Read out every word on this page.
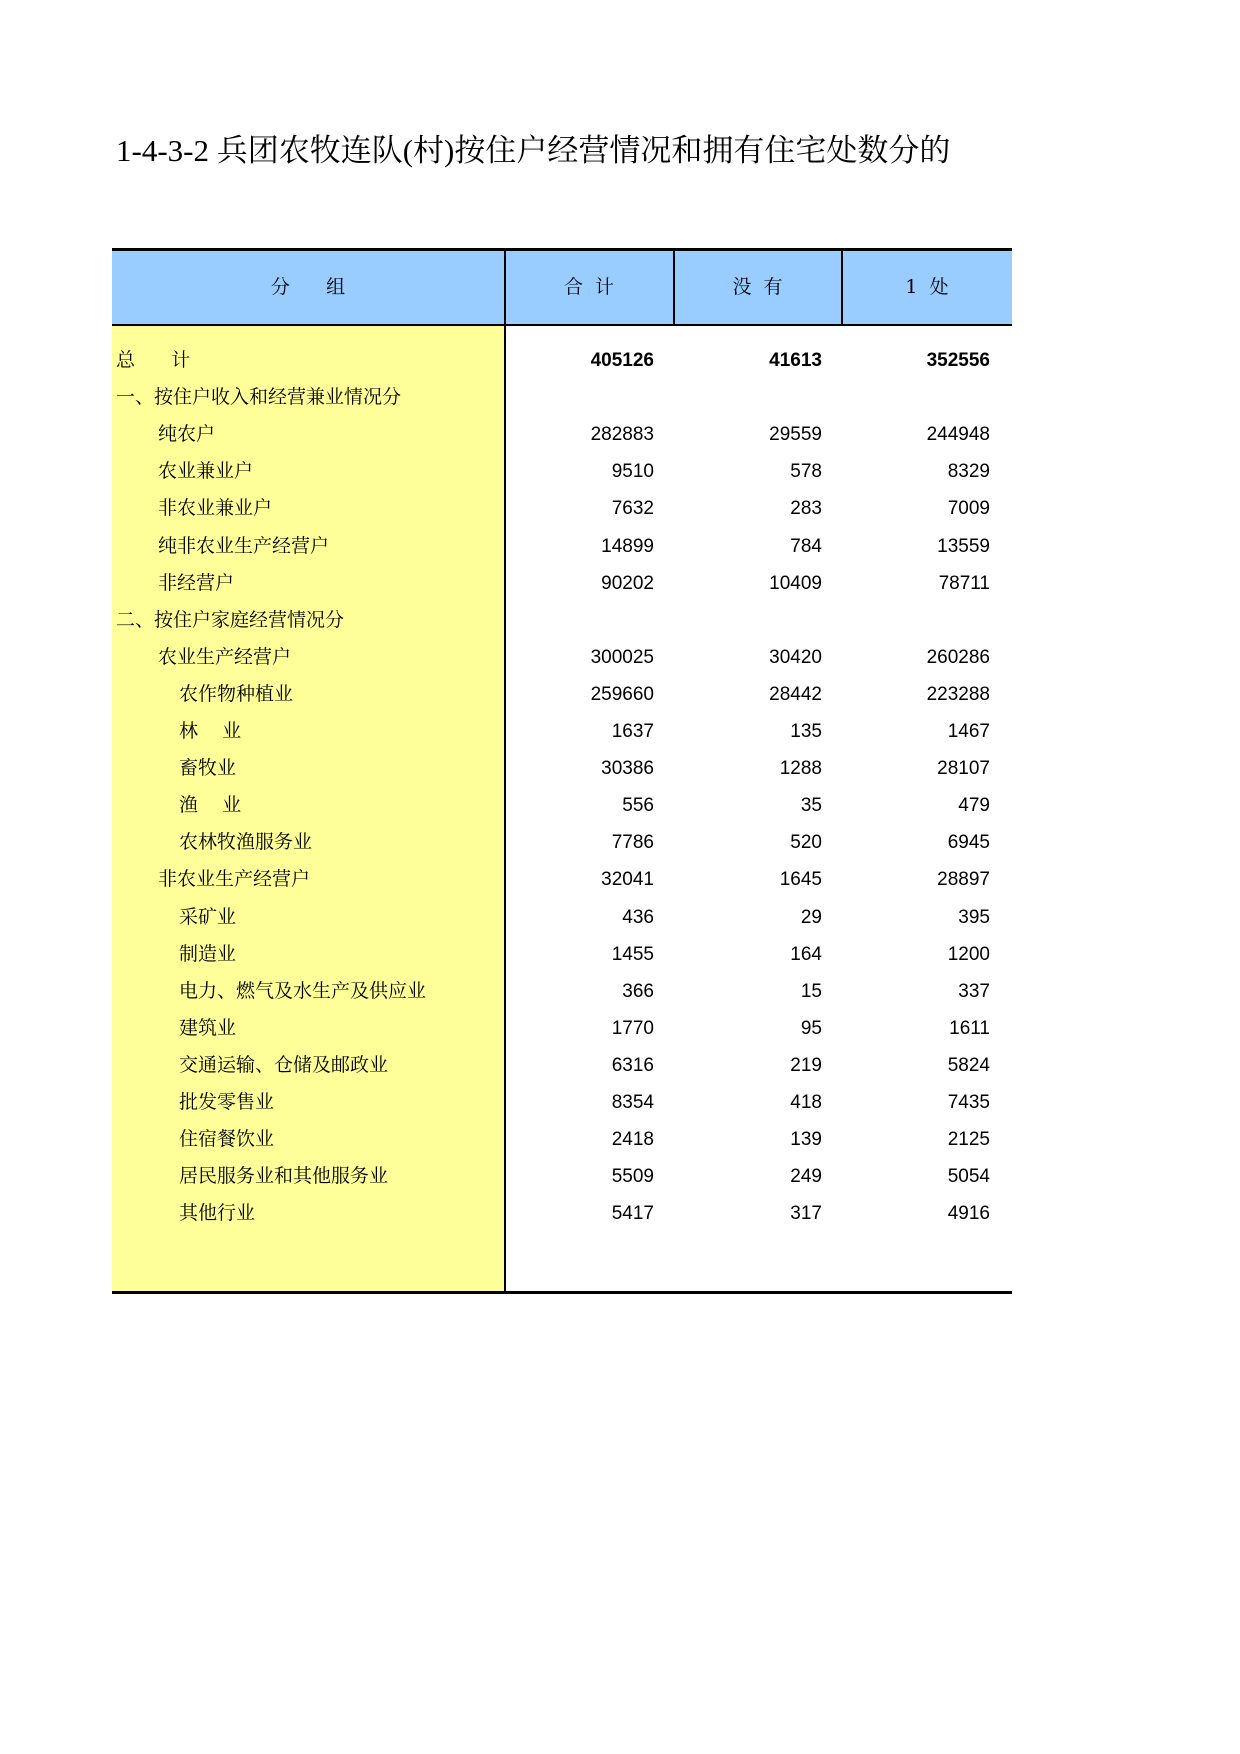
1-4-3-2 兵团农牧连队(村)按住户经营情况和拥有住宅处数分的
分      组	合  计	没  有	1  处
总      计	405126	41613	352556
一、按住户收入和经营兼业情况分
纯农户	282883	29559	244948
农业兼业户	9510	578	8329
非农业兼业户	7632	283	7009
纯非农业生产经营户	14899	784	13559
非经营户	90202	10409	78711
二、按住户家庭经营情况分
农业生产经营户	300025	30420	260286
农作物种植业	259660	28442	223288
林    业	1637	135	1467
畜牧业	30386	1288	28107
渔    业	556	35	479
农林牧渔服务业	7786	520	6945
非农业生产经营户	32041	1645	28897
采矿业	436	29	395
制造业	1455	164	1200
电力、燃气及水生产及供应业	366	15	337
建筑业	1770	95	1611
交通运输、仓储及邮政业	6316	219	5824
批发零售业	8354	418	7435
住宿餐饮业	2418	139	2125
居民服务业和其他服务业	5509	249	5054
其他行业	5417	317	4916
